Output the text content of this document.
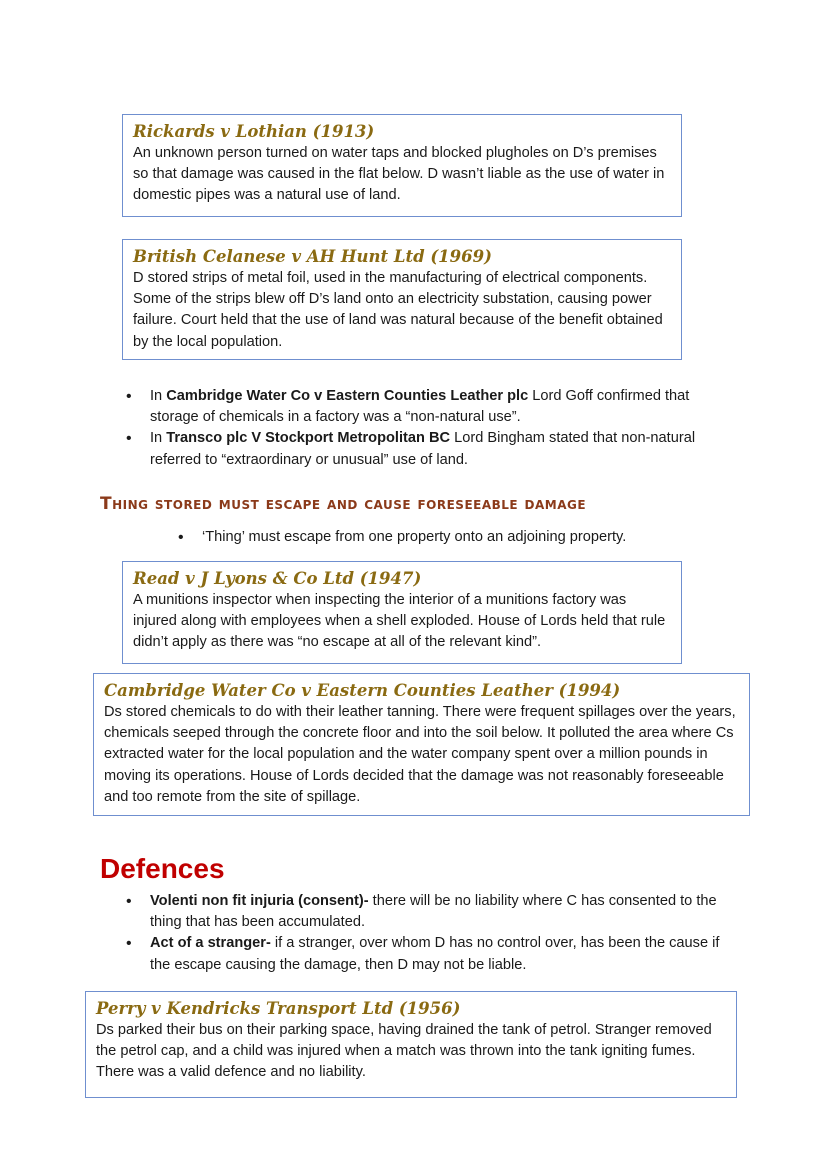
Rickards v Lothian (1913)
An unknown person turned on water taps and blocked plugholes on D’s premises so that damage was caused in the flat below. D wasn’t liable as the use of water in domestic pipes was a natural use of land.
British Celanese v AH Hunt Ltd (1969)
D stored strips of metal foil, used in the manufacturing of electrical components. Some of the strips blew off D’s land onto an electricity substation, causing power failure. Court held that the use of land was natural because of the benefit obtained by the local population.
• In Cambridge Water Co v Eastern Counties Leather plc Lord Goff confirmed that storage of chemicals in a factory was a “non-natural use”.
• In Transco plc V Stockport Metropolitan BC Lord Bingham stated that non-natural referred to “extraordinary or unusual” use of land.
Thing stored must escape and cause foreseeable damage
• ‘Thing’ must escape from one property onto an adjoining property.
Read v J Lyons & Co Ltd (1947)
A munitions inspector when inspecting the interior of a munitions factory was injured along with employees when a shell exploded. House of Lords held that rule didn’t apply as there was “no escape at all of the relevant kind”.
Cambridge Water Co v Eastern Counties Leather (1994)
Ds stored chemicals to do with their leather tanning. There were frequent spillages over the years, chemicals seeped through the concrete floor and into the soil below. It polluted the area where Cs extracted water for the local population and the water company spent over a million pounds in moving its operations. House of Lords decided that the damage was not reasonably foreseeable and too remote from the site of spillage.
Defences
• Volenti non fit injuria (consent)- there will be no liability where C has consented to the thing that has been accumulated.
• Act of a stranger- if a stranger, over whom D has no control over, has been the cause if the escape causing the damage, then D may not be liable.
Perry v Kendricks Transport Ltd (1956)
Ds parked their bus on their parking space, having drained the tank of petrol. Stranger removed the petrol cap, and a child was injured when a match was thrown into the tank igniting fumes. There was a valid defence and no liability.
